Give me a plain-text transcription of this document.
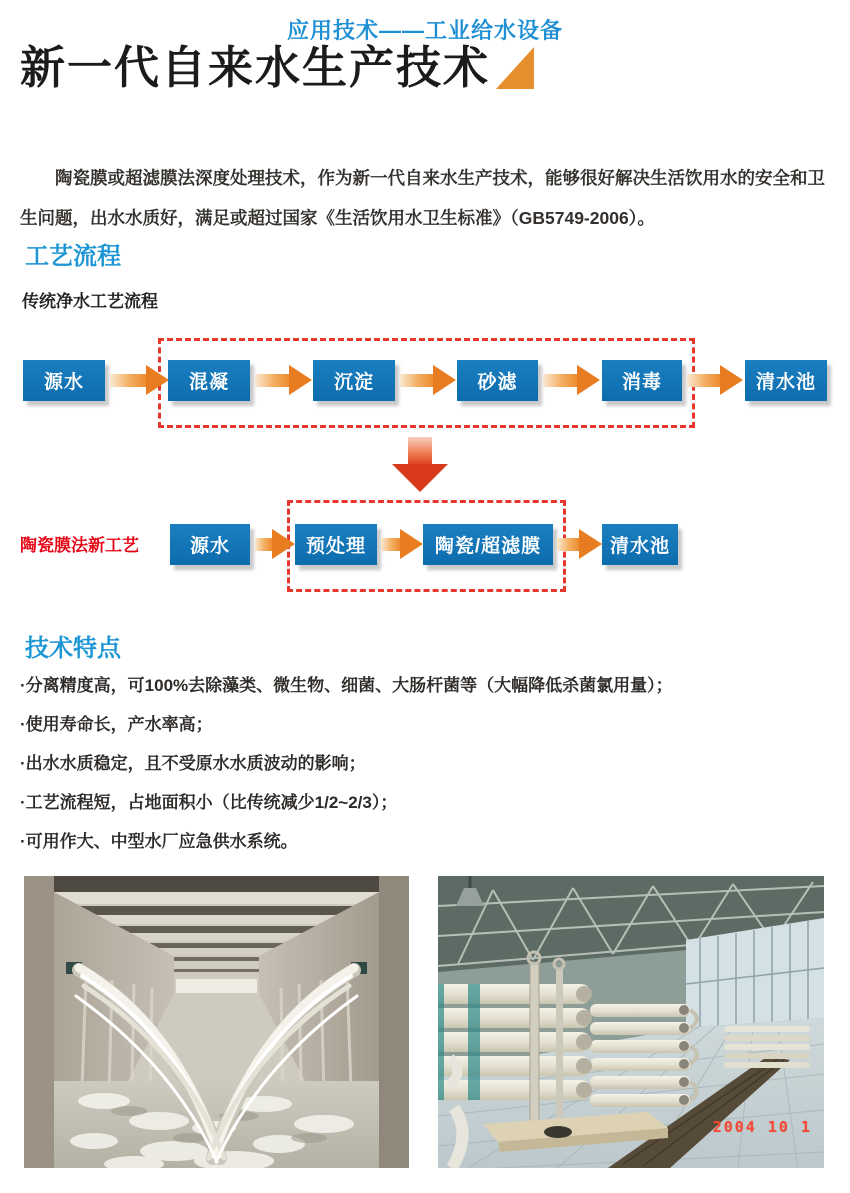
应用技术——工业给水设备
新一代自来水生产技术

陶瓷膜或超滤膜法深度处理技术，作为新一代自来水生产技术，能够很好解决生活饮用水的安全和卫生问题，出水水质好，满足或超过国家《生活饮用水卫生标准》（GB5749-2006）。

工艺流程
传统净水工艺流程
源水	混凝	沉淀	砂滤	消毒	清水池
陶瓷膜法新工艺	源水	预处理	陶瓷/超滤膜	清水池
技术特点
·分离精度高，可100%去除藻类、微生物、细菌、大肠杆菌等（大幅降低杀菌氯用量）；
·使用寿命长，产水率高；
·出水水质稳定，且不受原水水质波动的影响；
·工艺流程短，占地面积小（比传统减少1/2~2/3）；
·可用作大、中型水厂应急供水系统。
2004 10 1
